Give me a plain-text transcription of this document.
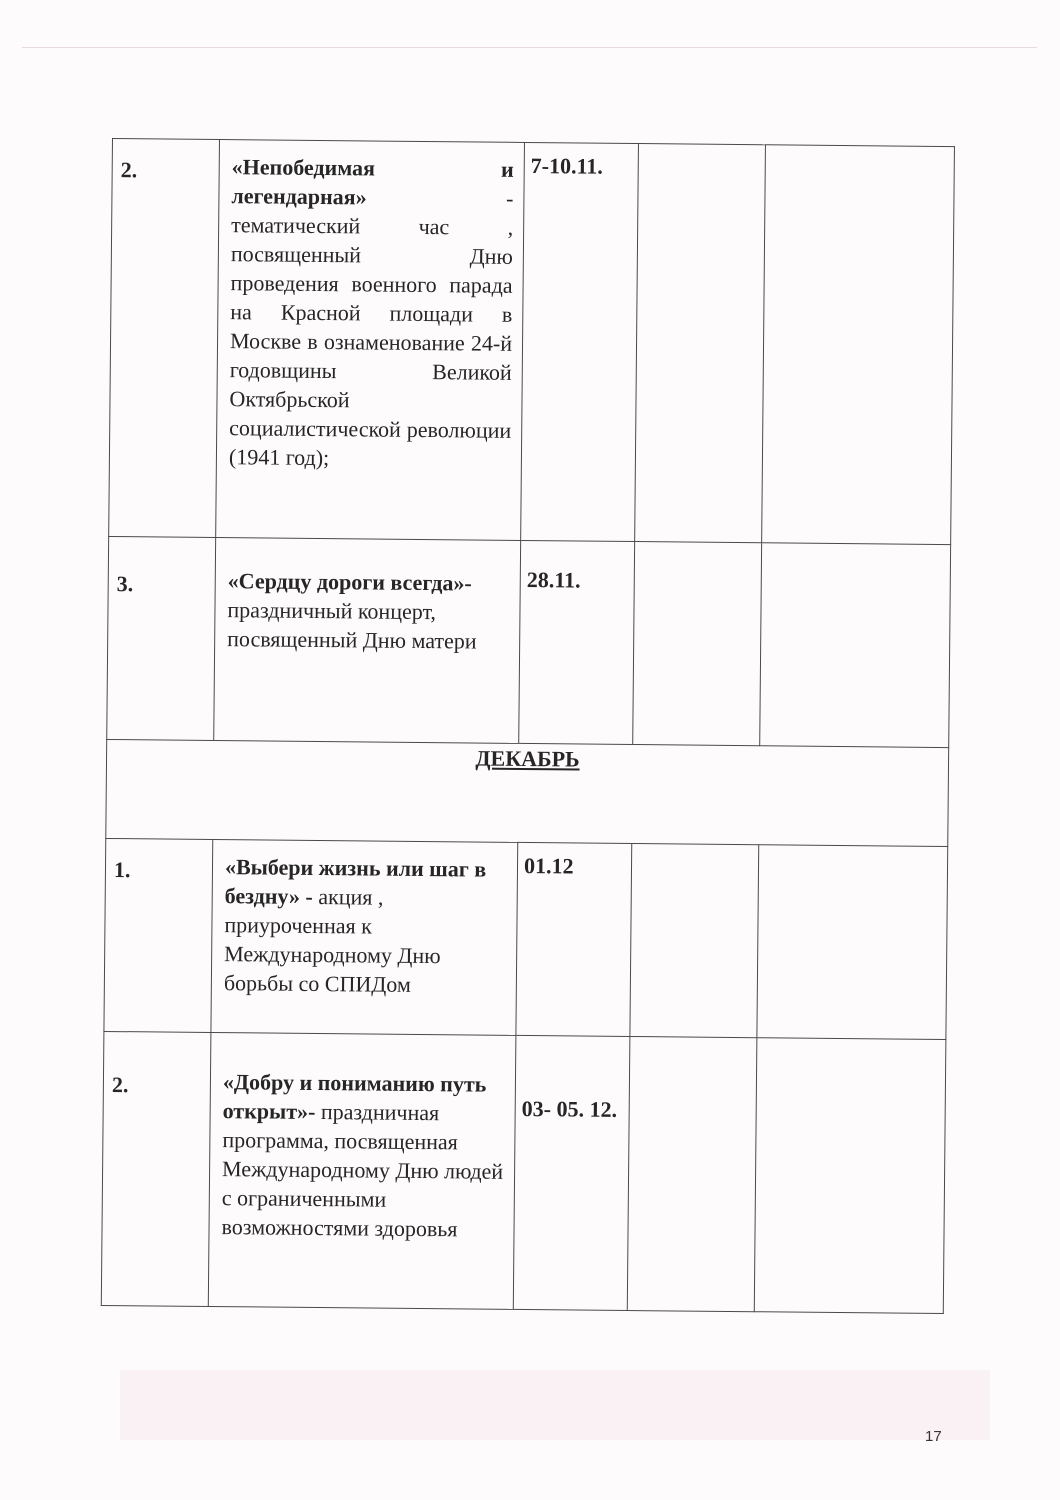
2.	«Непобедимая и легендарная» - тематический час , посвященный Дню проведения военного парада на Красной площади в Москве в ознаменование 24-й годовщины Великой Октябрьской социалистической революции (1941 год);	7-10.11.		
3.	«Сердцу дороги всегда»- праздничный концерт, посвященный Дню матери	28.11.		
ДЕКАБРЬ				
1.	«Выбери жизнь или шаг в бездну» - акция , приуроченная к Международному Дню борьбы со СПИДом	01.12		
2.	«Добру и пониманию путь открыт»- праздничная программа, посвященная Международному Дню людей с ограниченными возможностями здоровья	03- 05. 12.		
17
